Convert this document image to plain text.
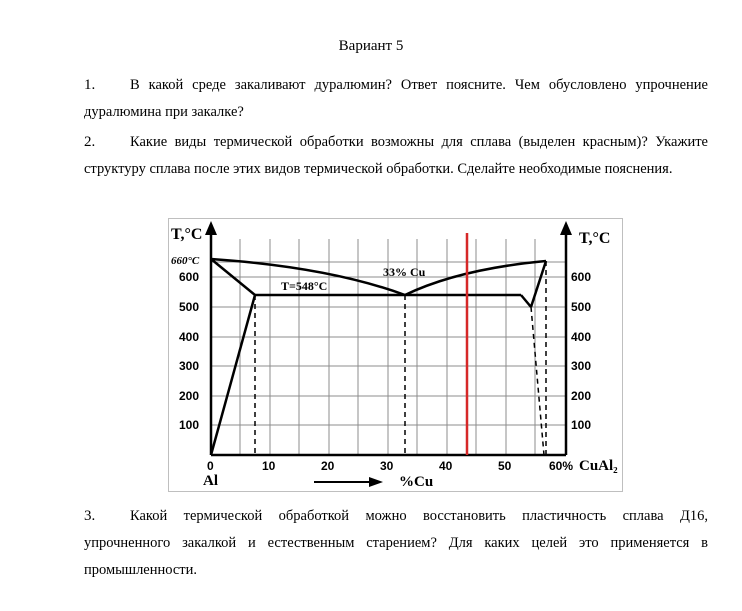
Вариант 5
1. В какой среде закаливают дуралюмин? Ответ поясните. Чем обусловлено упрочнение дуралюмина при закалке?
2. Какие виды термической обработки возможны для сплава (выделен красным)? Укажите структуру сплава после этих видов термической обработки. Сделайте необходимые пояснения.
600
500
400
300
200
100
600
500
400
300
200
100
0	10	20	30	40	50	60%
T,°C	T,°C
660°C
T=548°C
33% Cu
Al
CuAl₂
%Cu
3. Какой термической обработкой можно восстановить пластичность сплава Д16, упрочненного закалкой и естественным старением? Для каких целей это применяется в промышленности.
